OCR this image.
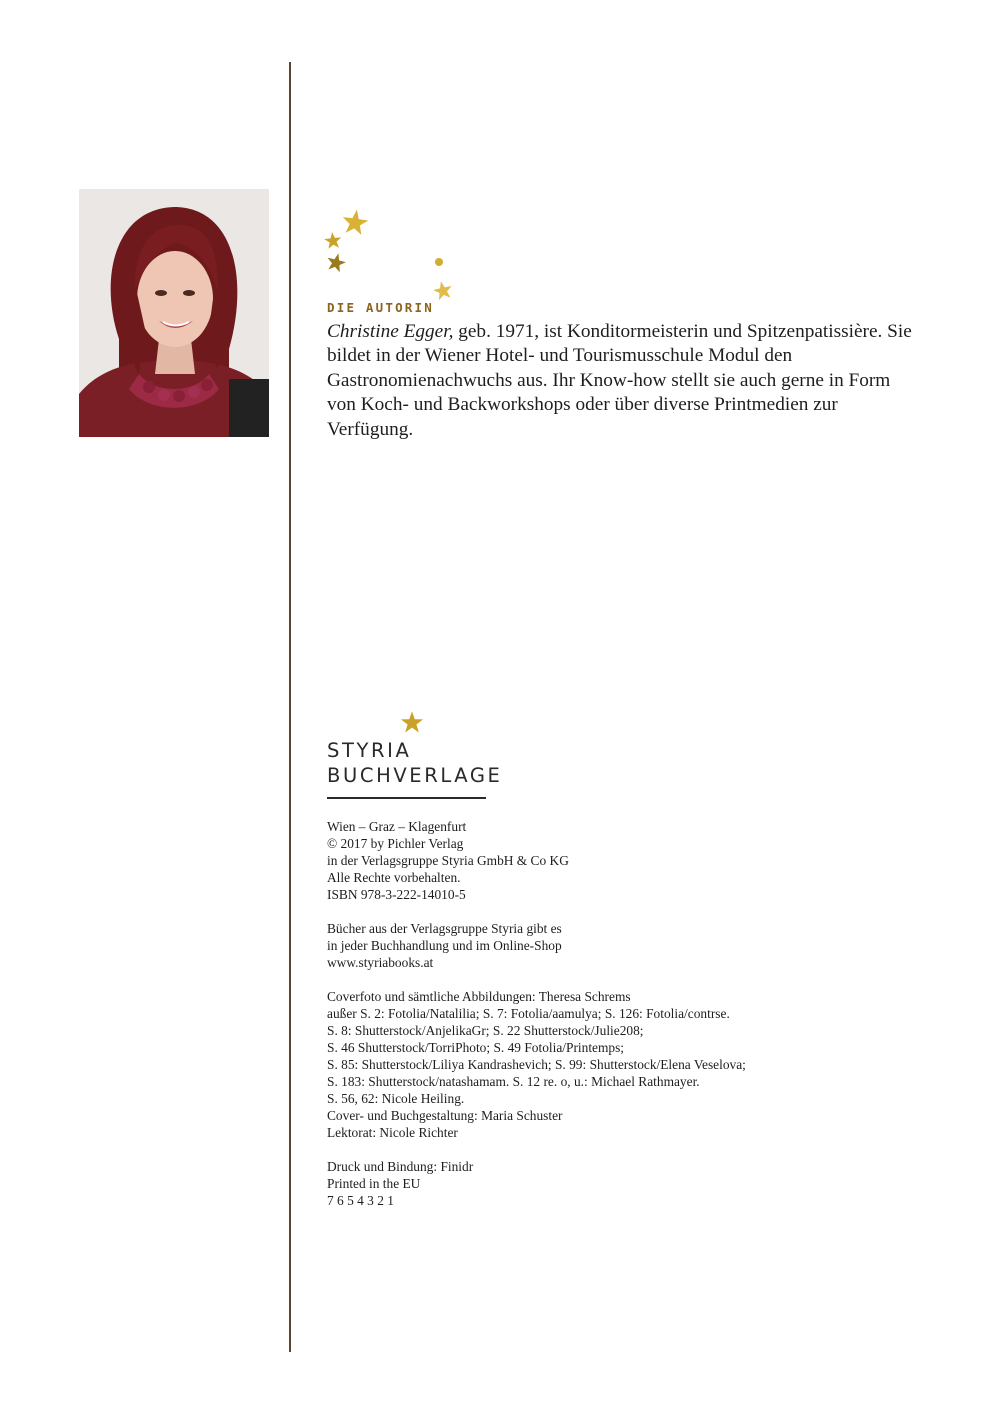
DIE AUTORIN
Christine Egger, geb. 1971, ist Konditormeisterin und Spitzenpatissière. Sie bildet in der Wiener Hotel- und Tourismusschule Modul den Gastronomienachwuchs aus. Ihr Know-how stellt sie auch gerne in Form von Koch- und Backworkshops oder über diverse Printmedien zur Verfügung.
STYRIA
BUCHVERLAGE
Wien – Graz – Klagenfurt
© 2017 by Pichler Verlag
in der Verlagsgruppe Styria GmbH & Co KG
Alle Rechte vorbehalten.
ISBN 978-3-222-14010-5
Bücher aus der Verlagsgruppe Styria gibt es
in jeder Buchhandlung und im Online-Shop
www.styriabooks.at
Coverfoto und sämtliche Abbildungen: Theresa Schrems
außer S. 2: Fotolia/Natalilia; S. 7: Fotolia/aamulya; S. 126: Fotolia/contrse.
S. 8: Shutterstock/AnjelikaGr; S. 22 Shutterstock/Julie208;
S. 46 Shutterstock/TorriPhoto; S. 49 Fotolia/Printemps;
S. 85: Shutterstock/Liliya Kandrashevich; S. 99: Shutterstock/Elena Veselova;
S. 183: Shutterstock/natashamam. S. 12 re. o, u.: Michael Rathmayer.
S. 56, 62: Nicole Heiling.
Cover- und Buchgestaltung: Maria Schuster
Lektorat: Nicole Richter
Druck und Bindung: Finidr
Printed in the EU
7 6 5 4 3 2 1
